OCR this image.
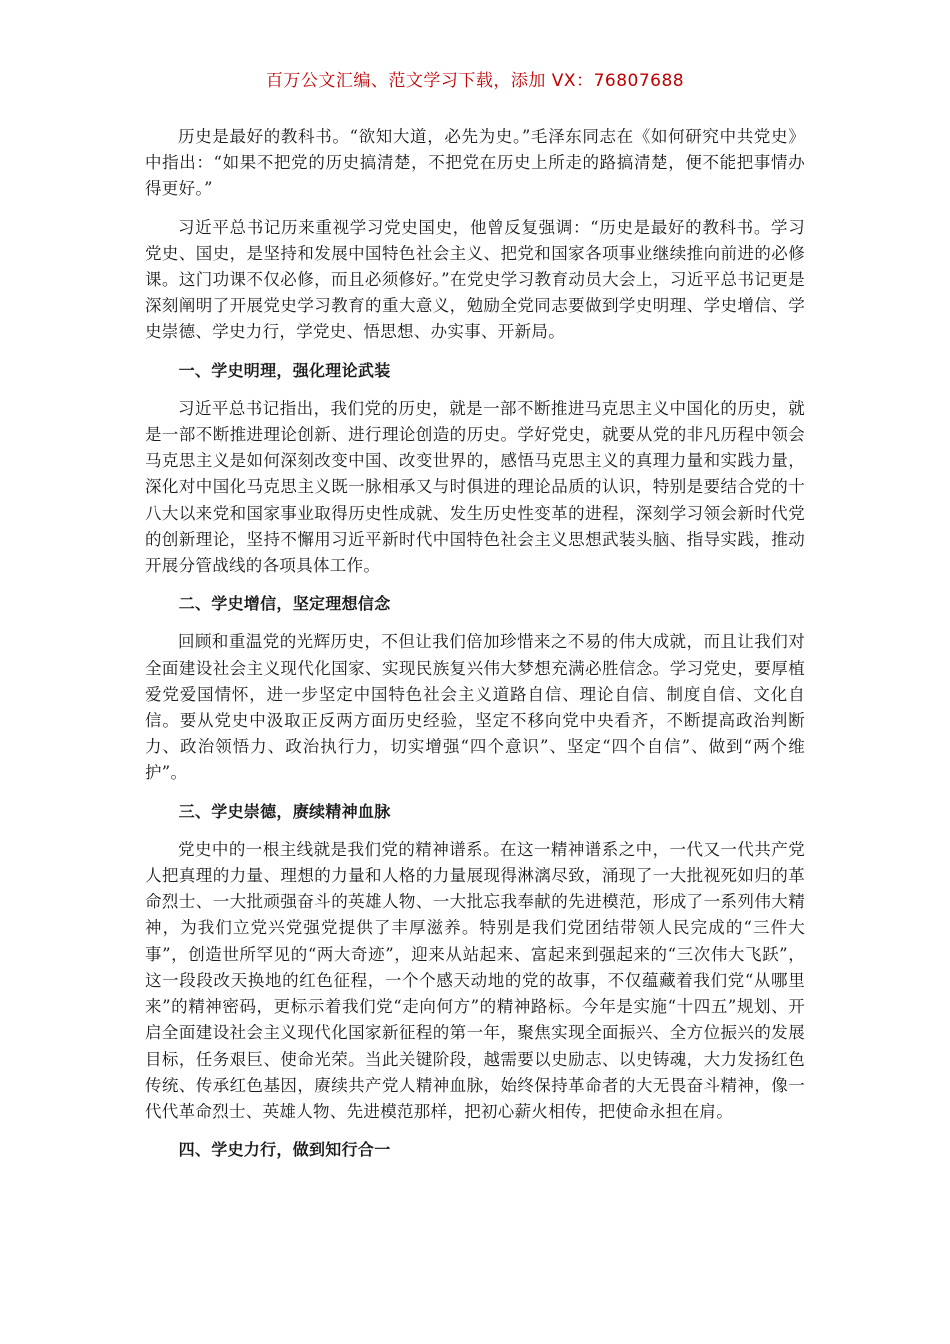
百万公文汇编、范文学习下载，添加 VX：76807688

历史是最好的教科书。“欲知大道，必先为史。”毛泽东同志在《如何研究中共党史》中指出：“如果不把党的历史搞清楚，不把党在历史上所走的路搞清楚，便不能把事情办得更好。”

习近平总书记历来重视学习党史国史，他曾反复强调：“历史是最好的教科书。学习党史、国史，是坚持和发展中国特色社会主义、把党和国家各项事业继续推向前进的必修课。这门功课不仅必修，而且必须修好。”在党史学习教育动员大会上，习近平总书记更是深刻阐明了开展党史学习教育的重大意义，勉励全党同志要做到学史明理、学史增信、学史崇德、学史力行，学党史、悟思想、办实事、开新局。

一、学史明理，强化理论武装

习近平总书记指出，我们党的历史，就是一部不断推进马克思主义中国化的历史，就是一部不断推进理论创新、进行理论创造的历史。学好党史，就要从党的非凡历程中领会马克思主义是如何深刻改变中国、改变世界的，感悟马克思主义的真理力量和实践力量，深化对中国化马克思主义既一脉相承又与时俱进的理论品质的认识，特别是要结合党的十八大以来党和国家事业取得历史性成就、发生历史性变革的进程，深刻学习领会新时代党的创新理论，坚持不懈用习近平新时代中国特色社会主义思想武装头脑、指导实践，推动开展分管战线的各项具体工作。

二、学史增信，坚定理想信念

回顾和重温党的光辉历史，不但让我们倍加珍惜来之不易的伟大成就，而且让我们对全面建设社会主义现代化国家、实现民族复兴伟大梦想充满必胜信念。学习党史，要厚植爱党爱国情怀，进一步坚定中国特色社会主义道路自信、理论自信、制度自信、文化自信。要从党史中汲取正反两方面历史经验，坚定不移向党中央看齐，不断提高政治判断力、政治领悟力、政治执行力，切实增强“四个意识”、坚定“四个自信”、做到“两个维护”。

三、学史崇德，赓续精神血脉

党史中的一根主线就是我们党的精神谱系。在这一精神谱系之中，一代又一代共产党人把真理的力量、理想的力量和人格的力量展现得淋漓尽致，涌现了一大批视死如归的革命烈士、一大批顽强奋斗的英雄人物、一大批忘我奉献的先进模范，形成了一系列伟大精神，为我们立党兴党强党提供了丰厚滋养。特别是我们党团结带领人民完成的“三件大事”，创造世所罕见的“两大奇迹”，迎来从站起来、富起来到强起来的“三次伟大飞跃”，这一段段改天换地的红色征程，一个个感天动地的党的故事，不仅蕴藏着我们党“从哪里来”的精神密码，更标示着我们党“走向何方”的精神路标。今年是实施“十四五”规划、开启全面建设社会主义现代化国家新征程的第一年，聚焦实现全面振兴、全方位振兴的发展目标，任务艰巨、使命光荣。当此关键阶段，越需要以史励志、以史铸魂，大力发扬红色传统、传承红色基因，赓续共产党人精神血脉，始终保持革命者的大无畏奋斗精神，像一代代革命烈士、英雄人物、先进模范那样，把初心薪火相传，把使命永担在肩。

四、学史力行，做到知行合一
